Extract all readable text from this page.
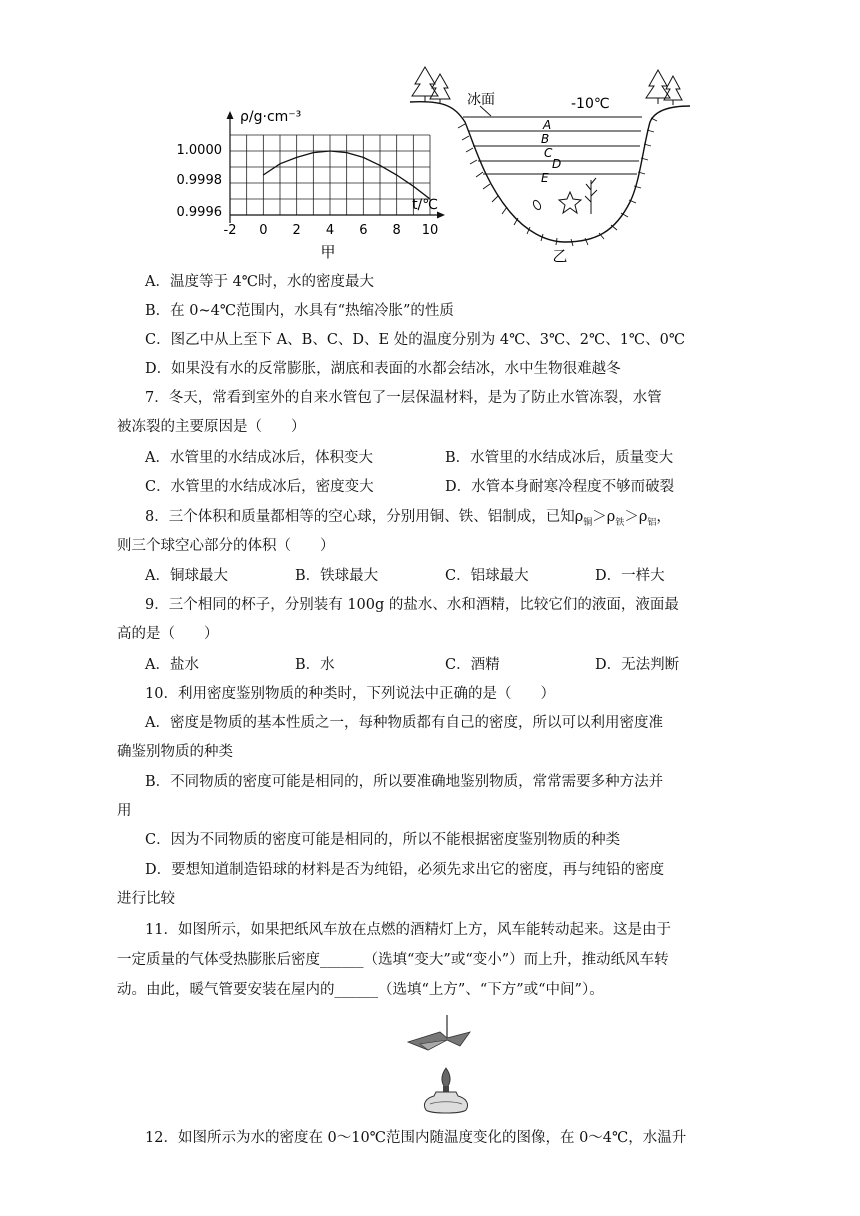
ρ/g·cm⁻³
t/℃
1.0000
0.9998
0.9996
-2 0 2 4 6 8 10
甲
冰面	-10℃
A
B
C
D
E
乙
A．温度等于 4℃时，水的密度最大
B．在 0~4℃范围内，水具有“热缩冷胀”的性质
C．图乙中从上至下 A、B、C、D、E 处的温度分别为 4℃、3℃、2℃、1℃、0℃
D．如果没有水的反常膨胀，湖底和表面的水都会结冰，水中生物很难越冬
7．冬天，常看到室外的自来水管包了一层保温材料，是为了防止水管冻裂，水管
被冻裂的主要原因是（　　）
A．水管里的水结成冰后，体积变大	B．水管里的水结成冰后，质量变大
C．水管里的水结成冰后，密度变大	D．水管本身耐寒冷程度不够而破裂
8．三个体积和质量都相等的空心球，分别用铜、铁、铝制成，已知$\rho_铜>\rho_铁>\rho_铝$，
则三个球空心部分的体积（　　）
A．铜球最大	B．铁球最大	C．铝球最大	D．一样大
9．三个相同的杯子，分别装有 100g 的盐水、水和酒精，比较它们的液面，液面最
高的是（　　）
A．盐水	B．水	C．酒精	D．无法判断
10．利用密度鉴别物质的种类时，下列说法中正确的是（　　）
A．密度是物质的基本性质之一，每种物质都有自己的密度，所以可以利用密度准
确鉴别物质的种类
B．不同物质的密度可能是相同的，所以要准确地鉴别物质，常常需要多种方法并
用
C．因为不同物质的密度可能是相同的，所以不能根据密度鉴别物质的种类
D．要想知道制造铅球的材料是否为纯铅，必须先求出它的密度，再与纯铅的密度
进行比较
11．如图所示，如果把纸风车放在点燃的酒精灯上方，风车能转动起来。这是由于
一定质量的气体受热膨胀后密度______（选填“变大”或“变小”）而上升，推动纸风车转
动。由此，暖气管要安装在屋内的______（选填“上方”、“下方”或“中间”）。
12．如图所示为水的密度在 0～10℃范围内随温度变化的图像，在 0～4℃，水温升
